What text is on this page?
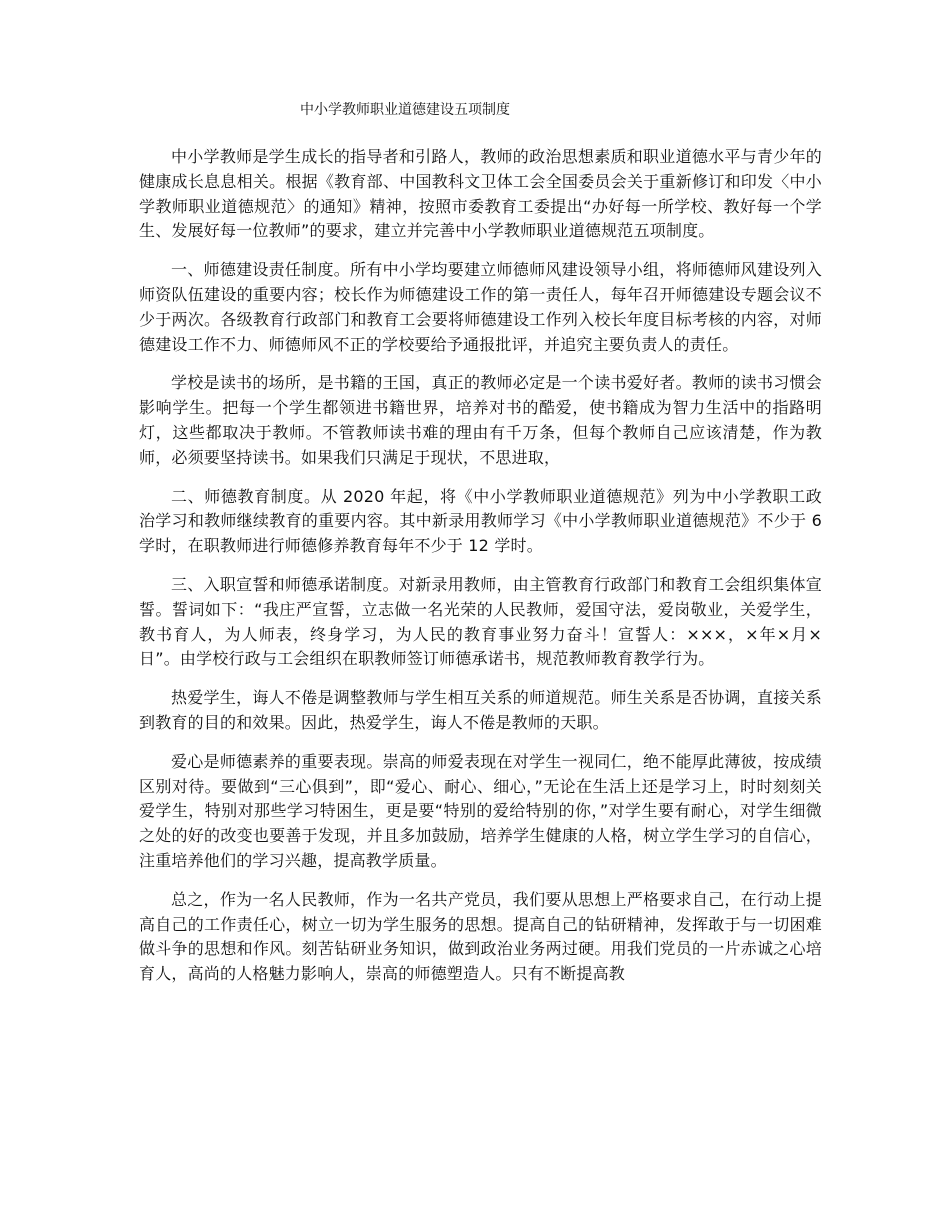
中小学教师职业道德建设五项制度

中小学教师是学生成长的指导者和引路人，教师的政治思想素质和职业道德水平与青少年的健康成长息息相关。根据《教育部、中国教科文卫体工会全国委员会关于重新修订和印发〈中小学教师职业道德规范〉的通知》精神，按照市委教育工委提出“办好每一所学校、教好每一个学生、发展好每一位教师”的要求，建立并完善中小学教师职业道德规范五项制度。

一、师德建设责任制度。所有中小学均要建立师德师风建设领导小组，将师德师风建设列入师资队伍建设的重要内容；校长作为师德建设工作的第一责任人，每年召开师德建设专题会议不少于两次。各级教育行政部门和教育工会要将师德建设工作列入校长年度目标考核的内容，对师德建设工作不力、师德师风不正的学校要给予通报批评，并追究主要负责人的责任。

学校是读书的场所，是书籍的王国，真正的教师必定是一个读书爱好者。教师的读书习惯会影响学生。把每一个学生都领进书籍世界，培养对书的酷爱，使书籍成为智力生活中的指路明灯，这些都取决于教师。不管教师读书难的理由有千万条，但每个教师自己应该清楚，作为教师，必须要坚持读书。如果我们只满足于现状，不思进取，

二、师德教育制度。从 2020 年起，将《中小学教师职业道德规范》列为中小学教职工政治学习和教师继续教育的重要内容。其中新录用教师学习《中小学教师职业道德规范》不少于 6 学时，在职教师进行师德修养教育每年不少于 12 学时。

三、入职宣誓和师德承诺制度。对新录用教师，由主管教育行政部门和教育工会组织集体宣誓。誓词如下：“我庄严宣誓，立志做一名光荣的人民教师，爱国守法，爱岗敬业，关爱学生，教书育人，为人师表，终身学习，为人民的教育事业努力奋斗！宣誓人：×××，×年×月×日”。由学校行政与工会组织在职教师签订师德承诺书，规范教师教育教学行为。

热爱学生，诲人不倦是调整教师与学生相互关系的师道规范。师生关系是否协调，直接关系到教育的目的和效果。因此，热爱学生，诲人不倦是教师的天职。

爱心是师德素养的重要表现。崇高的师爱表现在对学生一视同仁，绝不能厚此薄彼，按成绩区别对待。要做到“三心俱到”，即“爱心、耐心、细心，”无论在生活上还是学习上，时时刻刻关爱学生，特别对那些学习特困生，更是要“特别的爱给特别的你，”对学生要有耐心，对学生细微之处的好的改变也要善于发现，并且多加鼓励，培养学生健康的人格，树立学生学习的自信心，注重培养他们的学习兴趣，提高教学质量。

总之，作为一名人民教师，作为一名共产党员，我们要从思想上严格要求自己，在行动上提高自己的工作责任心，树立一切为学生服务的思想。提高自己的钻研精神，发挥敢于与一切困难做斗争的思想和作风。刻苦钻研业务知识，做到政治业务两过硬。用我们党员的一片赤诚之心培育人，高尚的人格魅力影响人，崇高的师德塑造人。只有不断提高教
